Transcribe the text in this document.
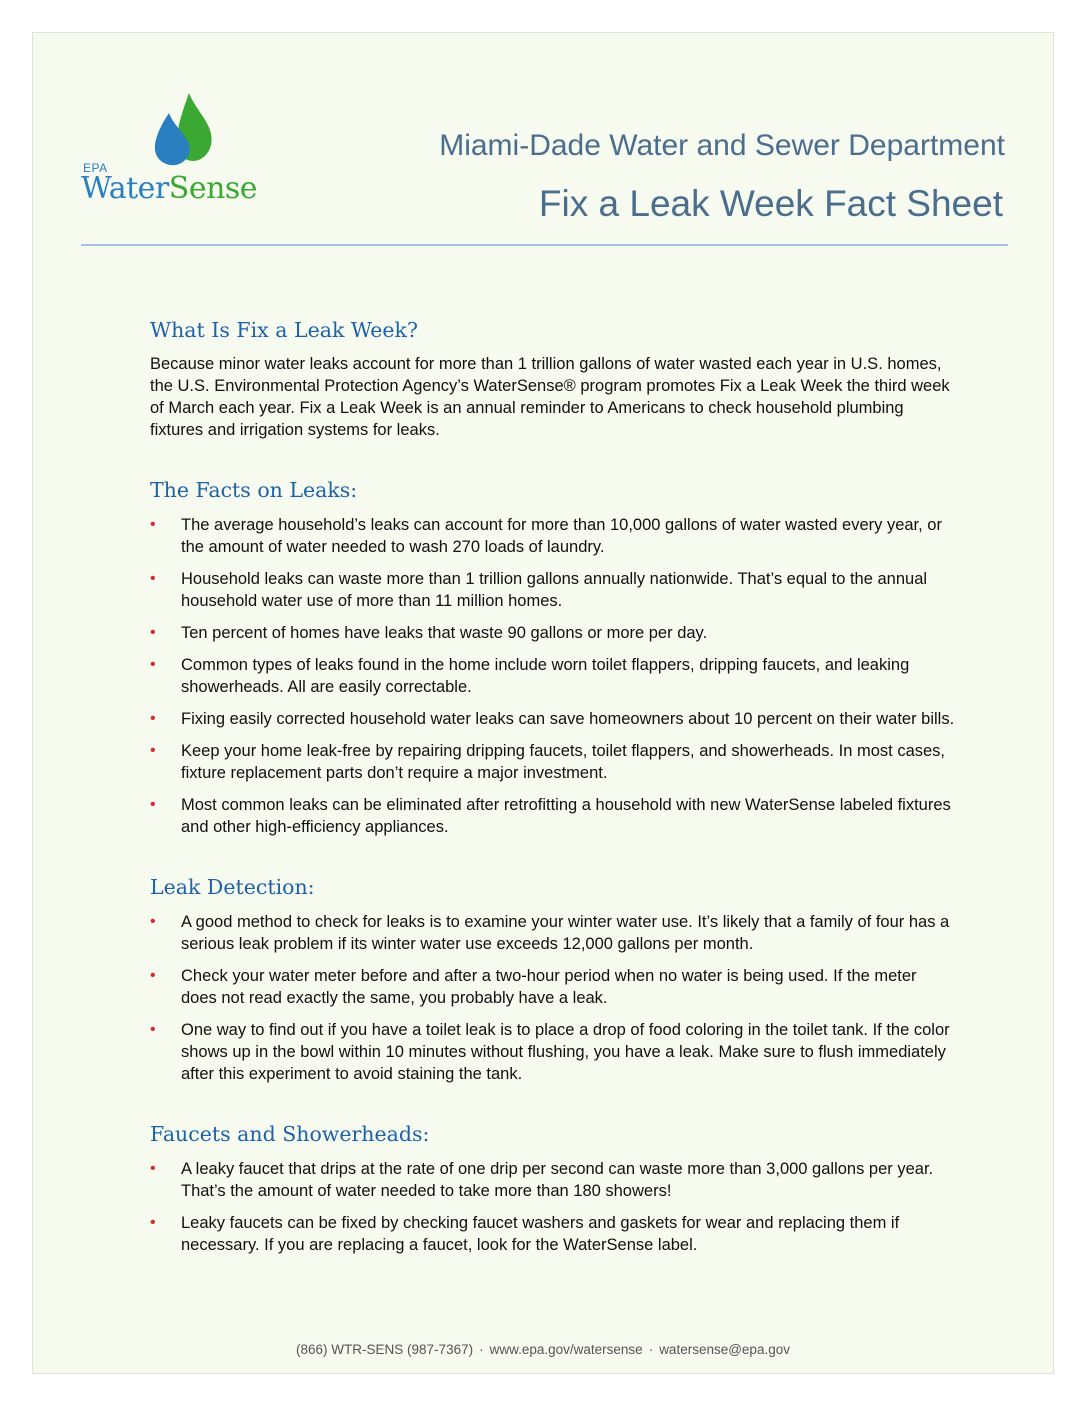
EPA
WaterSense
Miami-Dade Water and Sewer Department
Fix a Leak Week Fact Sheet
What Is Fix a Leak Week?

Because minor water leaks account for more than 1 trillion gallons of water wasted each year in U.S. homes, the U.S. Environmental Protection Agency’s WaterSense® program promotes Fix a Leak Week the third week of March each year. Fix a Leak Week is an annual reminder to Americans to check household plumbing fixtures and irrigation systems for leaks.

The Facts on Leaks:
• The average household’s leaks can account for more than 10,000 gallons of water wasted every year, or the amount of water needed to wash 270 loads of laundry.
• Household leaks can waste more than 1 trillion gallons annually nationwide. That’s equal to the annual household water use of more than 11 million homes.
• Ten percent of homes have leaks that waste 90 gallons or more per day.
• Common types of leaks found in the home include worn toilet flappers, dripping faucets, and leaking showerheads. All are easily correctable.
• Fixing easily corrected household water leaks can save homeowners about 10 percent on their water bills.
• Keep your home leak-free by repairing dripping faucets, toilet flappers, and showerheads. In most cases, fixture replacement parts don’t require a major investment.
• Most common leaks can be eliminated after retrofitting a household with new WaterSense labeled fixtures and other high-efficiency appliances.
Leak Detection:
• A good method to check for leaks is to examine your winter water use. It’s likely that a family of four has a serious leak problem if its winter water use exceeds 12,000 gallons per month.
• Check your water meter before and after a two-hour period when no water is being used. If the meter does not read exactly the same, you probably have a leak.
• One way to find out if you have a toilet leak is to place a drop of food coloring in the toilet tank. If the color shows up in the bowl within 10 minutes without flushing, you have a leak. Make sure to flush immediately after this experiment to avoid staining the tank.
Faucets and Showerheads:
• A leaky faucet that drips at the rate of one drip per second can waste more than 3,000 gallons per year. That’s the amount of water needed to take more than 180 showers!
• Leaky faucets can be fixed by checking faucet washers and gaskets for wear and replacing them if necessary. If you are replacing a faucet, look for the WaterSense label.
(866) WTR-SENS (987-7367) · www.epa.gov/watersense · watersense@epa.gov
